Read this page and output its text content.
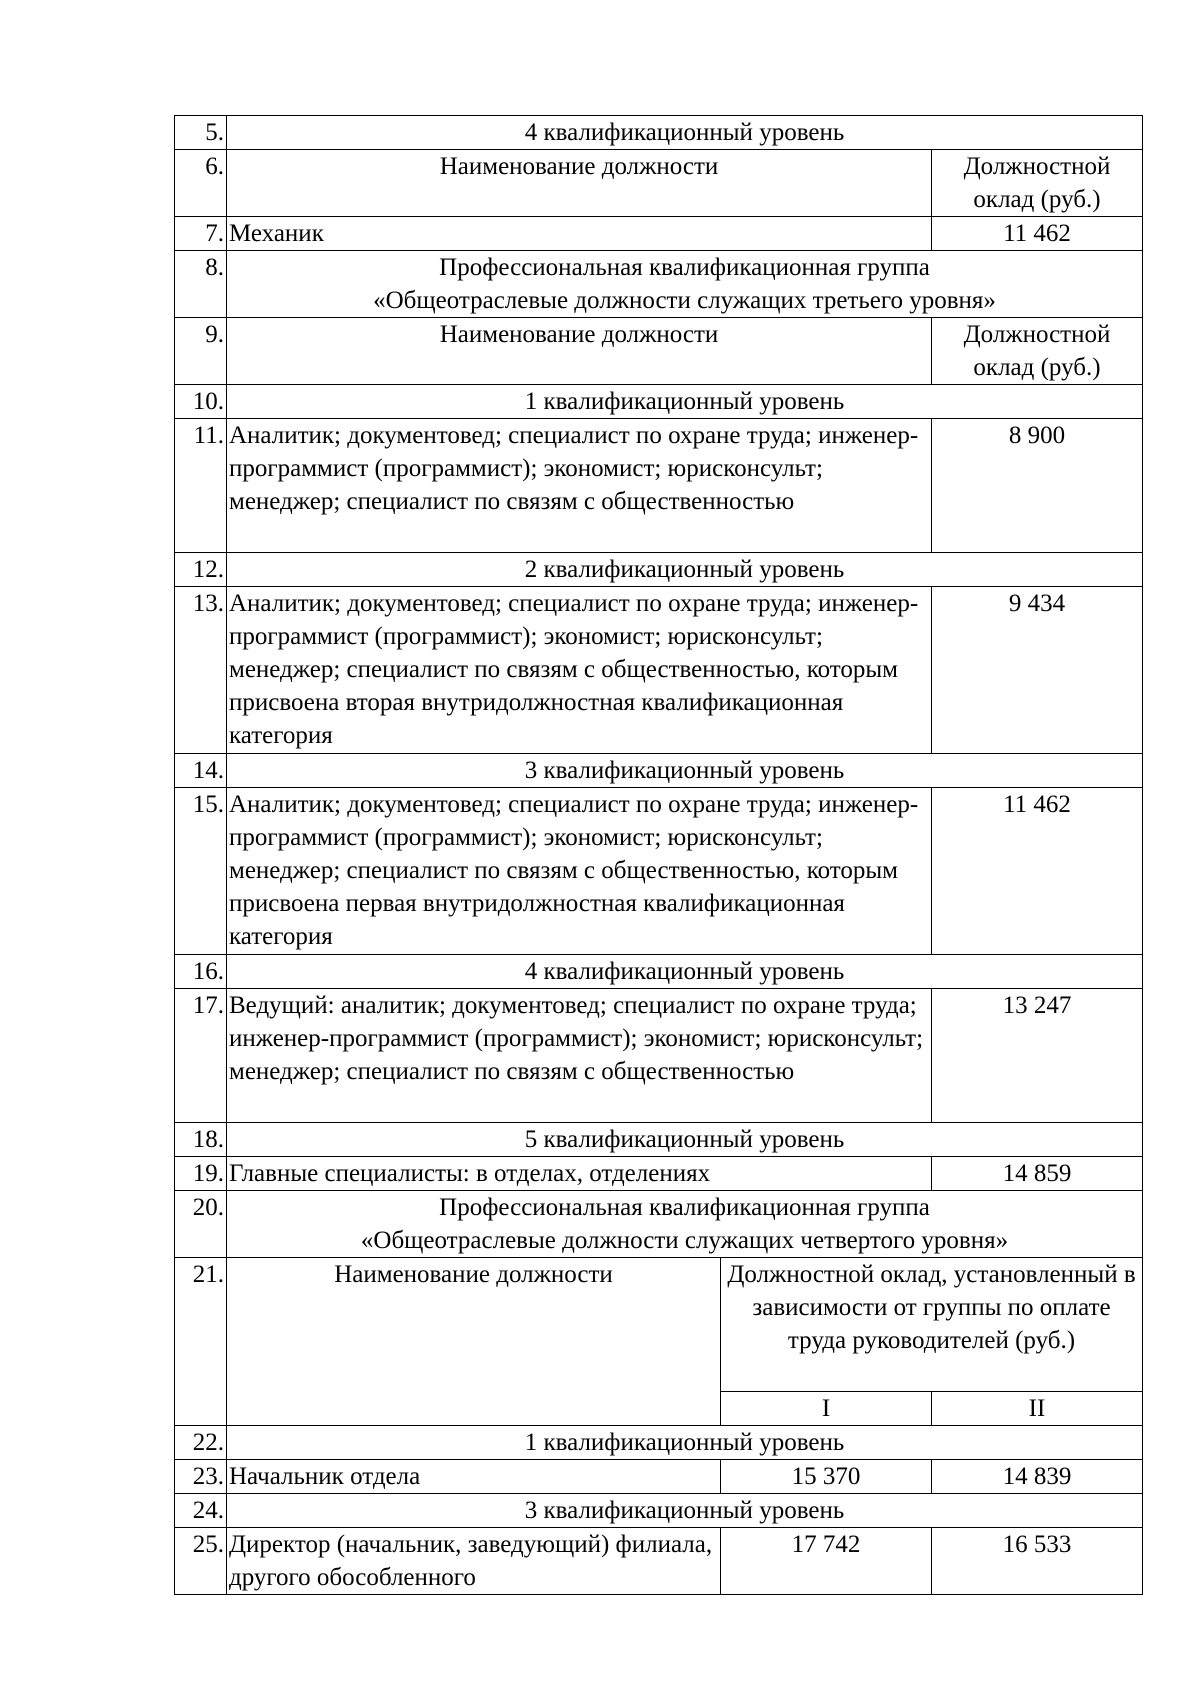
5.	4 квалификационный уровень		
6.	Наименование должности		Должностной оклад (руб.)
7.	Механик		11 462
8.	Профессиональная квалификационная группа
«Общеотраслевые должности служащих третьего уровня»		

9.	Наименование должности		Должностной оклад (руб.)
10.	1 квалификационный уровень		
11.	Аналитик; документовед; специалист по охране труда; инженер-программист (программист); экономист; юрисконсульт; менеджер; специалист по связям с общественностью		8 900
12.	2 квалификационный уровень		
13.	Аналитик; документовед; специалист по охране труда; инженер-программист (программист); экономист; юрисконсульт; менеджер; специалист по связям с общественностью, которым присвоена вторая внутридолжностная квалификационная категория		9 434
14.	3 квалификационный уровень		
15.	Аналитик; документовед; специалист по охране труда; инженер-программист (программист); экономист; юрисконсульт; менеджер; специалист по связям с общественностью, которым присвоена первая внутридолжностная квалификационная категория		11 462
16.	4 квалификационный уровень		
17.	Ведущий: аналитик; документовед; специалист по охране труда; инженер-программист (программист); экономист; юрисконсульт; менеджер; специалист по связям с общественностью		13 247
18.	5 квалификационный уровень		
19.	Главные специалисты: в отделах, отделениях		14 859
20.	Профессиональная квалификационная группа
«Общеотраслевые должности служащих четвертого уровня»		

21.	Наименование должности	Должностной оклад, установленный в зависимости от группы по оплате труда руководителей (руб.)	
		I	II
22.	1 квалификационный уровень		
23.	Начальник отдела	15 370	14 839
24.	3 квалификационный уровень		
25.	Директор (начальник, заведующий) филиала, другого обособленного	17 742	16 533
